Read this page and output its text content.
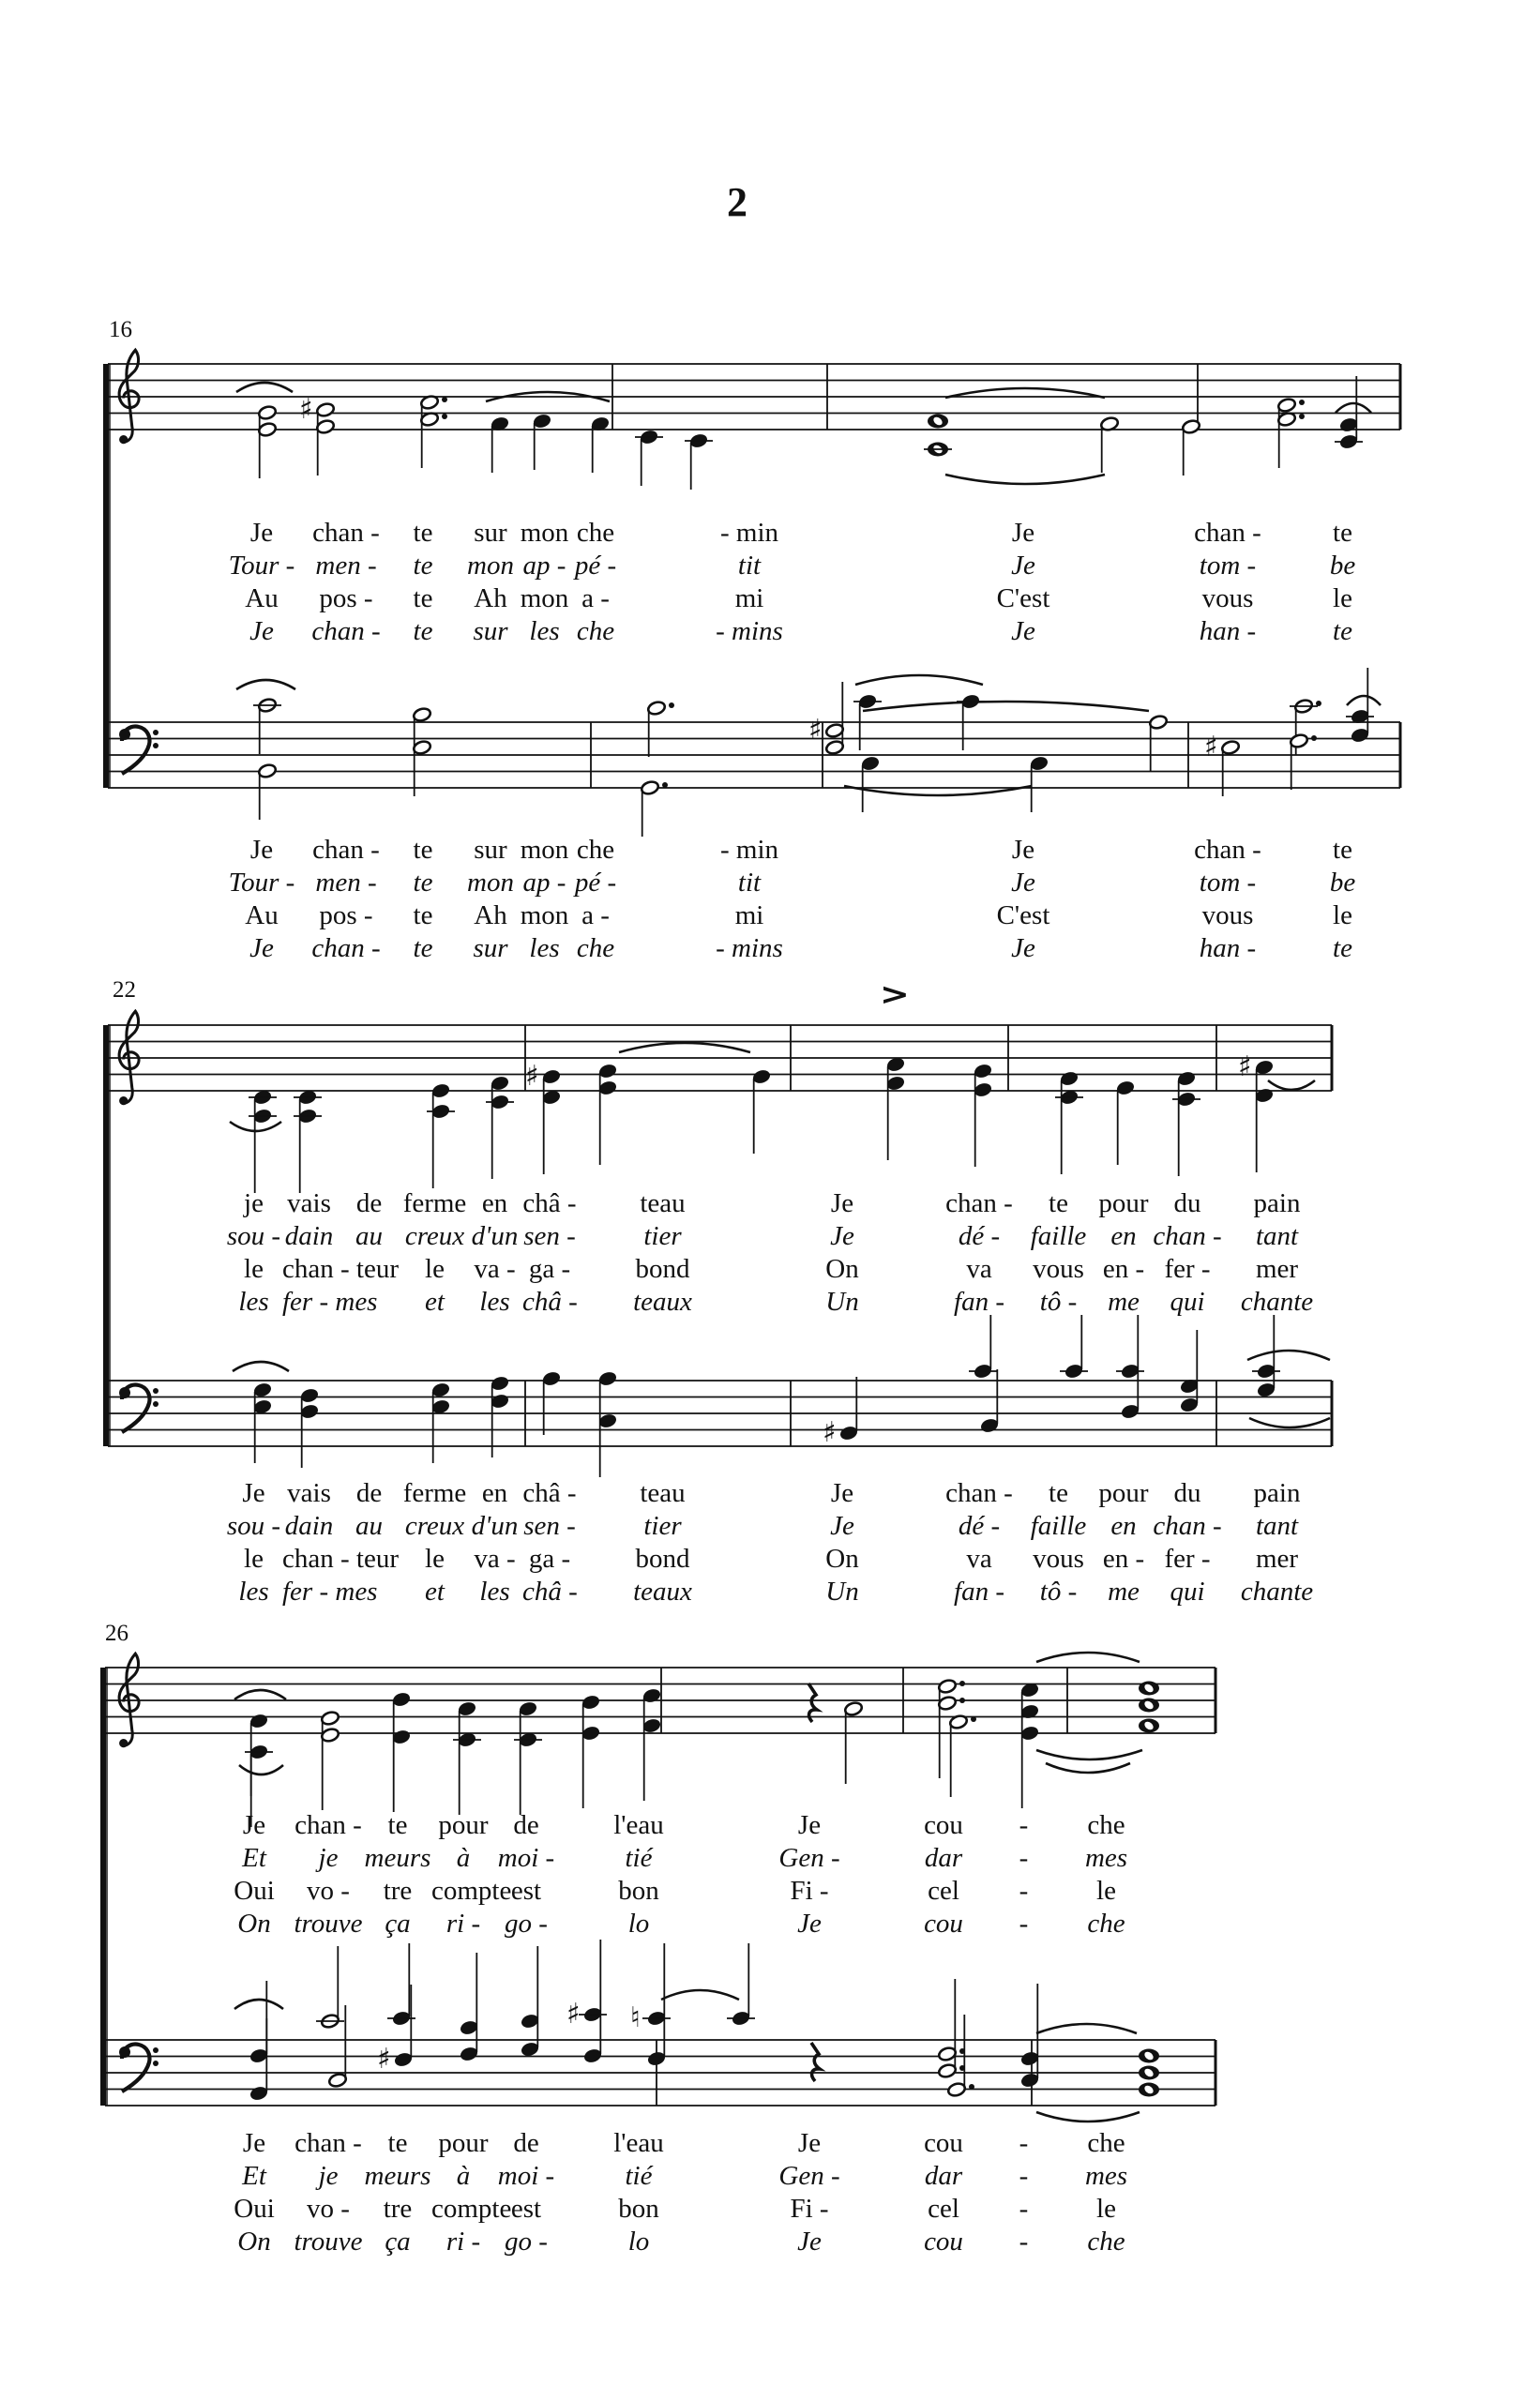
♯
♯
♯
♯	♯
♯
♯
♯ ♮
2
16
22
26
>
Je	chan -	te	sur mon che	- min	Je	chan -	te
Tour - men -	te	mon ap - pé -	tit	Je	tom -	be
Au	pos -	te	Ah mon a -	mi	C'est	vous	le
Je	chan -	te	sur les che	- mins	Je	han -	te
Je	chan -	te	sur mon che	- min	Je	chan -	te
Tour - men -	te	mon ap - pé -	tit	Je	tom -	be
Au	pos -	te	Ah mon a -	mi	C'est	vous	le
Je	chan -	te	sur les che	- mins	Je	han -	te
je vais de ferme en châ -	teau	Je	chan -	te	pour du	pain
sou - dain au creux d'un sen -	tier	Je	dé -	faille en chan -	tant
le chan - teur le	va - ga -	bond	On	va	vous en - fer -	mer
les fer - mes	et	les châ -	teaux	Un	fan -	tô -	me	qui	chante
Je vais de ferme en châ -	teau	Je	chan -	te	pour du	pain
sou - dain au creux d'un sen -	tier	Je	dé -	faille en chan -	tant
le chan - teur le	va - ga -	bond	On	va	vous en - fer -	mer
les fer - mes	et	les châ -	teaux	Un	fan -	tô -	me	qui	chante
Je	chan - te	pour de	l'eau	Je	cou	-	che
Et	je meurs à	moi -	tié	Gen -	dar	-	mes
Oui	vo -	tre compte est	bon	Fi -	cel	-	le
On trouve ça	ri - go -	lo	Je	cou	-	che
Je	chan - te	pour de	l'eau	Je	cou	-	che
Et	je meurs à	moi -	tié	Gen -	dar	-	mes
Oui	vo -	tre compte est	bon	Fi -	cel	-	le
On trouve ça	ri - go -	lo	Je	cou	-	che
